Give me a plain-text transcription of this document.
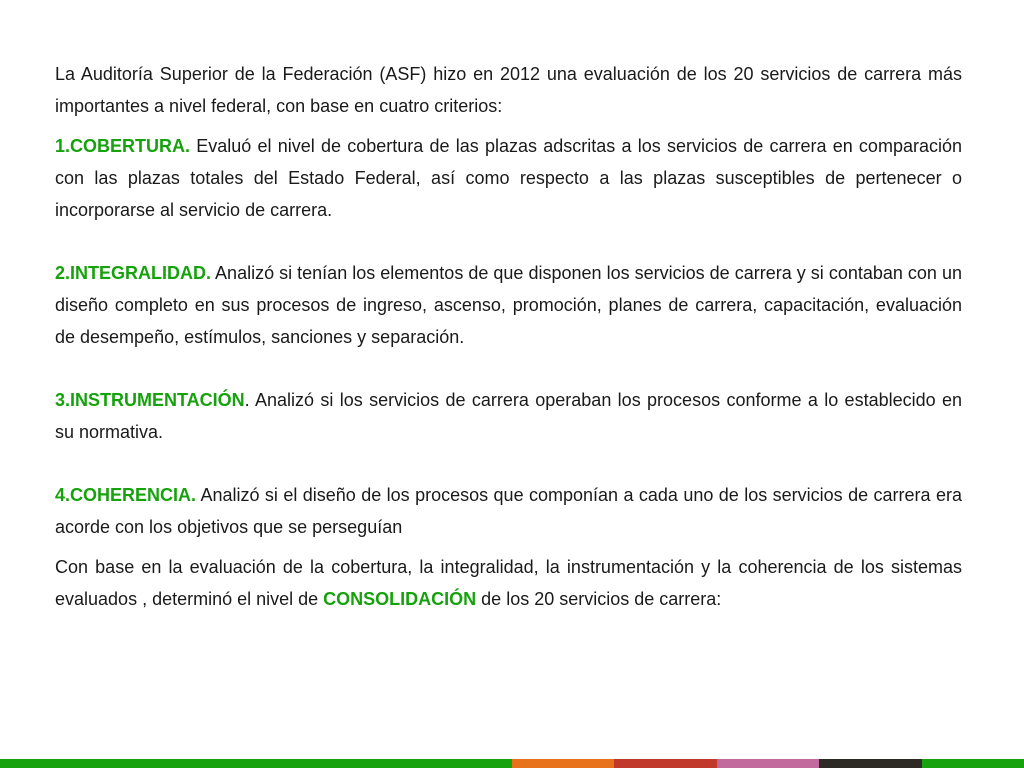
La Auditoría Superior de la Federación (ASF) hizo en 2012 una evaluación de los 20 servicios de carrera más importantes a nivel federal, con base en cuatro criterios:

1.COBERTURA. Evaluó el nivel de cobertura de las plazas adscritas a los servicios de carrera en comparación con las plazas totales del Estado Federal, así como respecto a las plazas susceptibles de pertenecer o incorporarse al servicio de carrera.

2.INTEGRALIDAD. Analizó si tenían los elementos de que disponen los servicios de carrera y si contaban con un diseño completo en sus procesos de ingreso, ascenso, promoción, planes de carrera, capacitación, evaluación de desempeño, estímulos, sanciones y separación.

3.INSTRUMENTACIÓN. Analizó si los servicios de carrera operaban los procesos conforme a lo establecido en su normativa.

4.COHERENCIA. Analizó si el diseño de los procesos que componían a cada uno de los servicios de carrera era acorde con los objetivos que se perseguían

Con base en la evaluación de la cobertura, la integralidad, la instrumentación y la coherencia de los sistemas evaluados , determinó el nivel de CONSOLIDACIÓN de los 20 servicios de carrera:
